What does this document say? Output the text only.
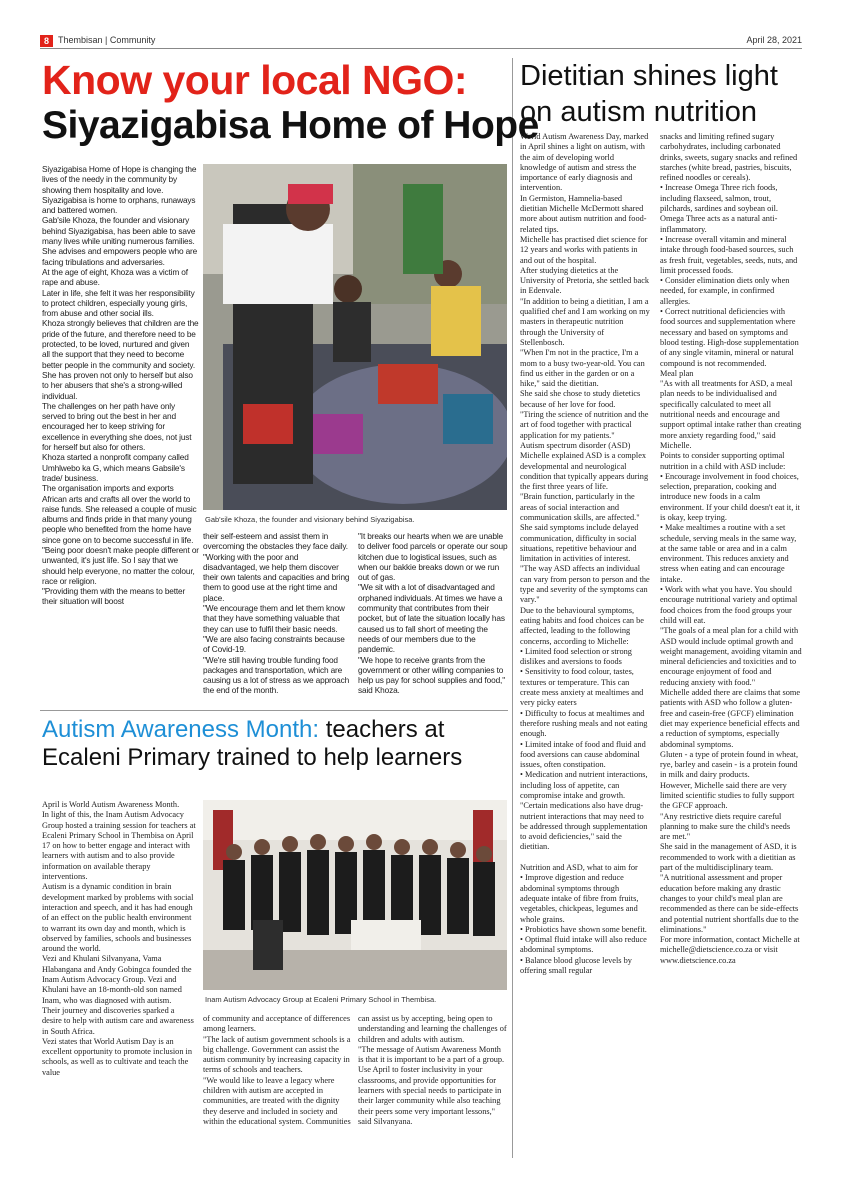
8	Thembisan | Community	April 28, 2021
Know your local NGO:
Siyazigabisa Home of Hope
Siyazigabisa Home of Hope is changing the lives of the needy in the community by showing them hospitality and love.
Siyazigabisa is home to orphans, runaways and battered women.
Gab'sile Khoza, the founder and visionary behind Siyazigabisa, has been able to save many lives while uniting numerous families.
She advises and empowers people who are facing tribulations and adversaries.
At the age of eight, Khoza was a victim of rape and abuse.
Later in life, she felt it was her responsibility to protect children, especially young girls, from abuse and other social ills.
Khoza strongly believes that children are the pride of the future, and therefore need to be protected, to be loved, nurtured and given all the support that they need to become better people in the community and society.
She has proven not only to herself but also to her abusers that she's a strong-willed individual.
The challenges on her path have only served to bring out the best in her and encouraged her to keep striving for excellence in everything she does, not just for herself but also for others.
Khoza started a nonprofit company called Umhlwebo ka G, which means Gabsile's trade/ business.
The organisation imports and exports African arts and crafts all over the world to raise funds. She released a couple of music albums and finds pride in that many young people who benefited from the home have since gone on to become successful in life.
"Being poor doesn't make people different or unwanted, it's just life. So I say that we should help everyone, no matter the colour, race or religion.
"Providing them with the means to better their situation will boost
Gab'sile Khoza, the founder and visionary behind Siyazigabisa.
their self-esteem and assist them in overcoming the obstacles they face daily.
"Working with the poor and disadvantaged, we help them discover their own talents and capacities and bring them to good use at the right time and place.
"We encourage them and let them know that they have something valuable that they can use to fulfil their basic needs.
"We are also facing constraints because of Covid-19.
"We're still having trouble funding food packages and transportation, which are causing us a lot of stress as we approach the end of the month.
"It breaks our hearts when we are unable to deliver food parcels or operate our soup kitchen due to logistical issues, such as when our bakkie breaks down or we run out of gas.
"We sit with a lot of disadvantaged and orphaned individuals. At times we have a community that contributes from their pocket, but of late the situation locally has caused us to fall short of meeting the needs of our members due to the pandemic.
"We hope to receive grants from the government or other willing companies to help us pay for school supplies and food," said Khoza.
Autism Awareness Month: teachers at
Ecaleni Primary trained to help learners
April is World Autism Awareness Month.
In light of this, the Inam Autism Advocacy Group hosted a training session for teachers at Ecaleni Primary School in Thembisa on April 17 on how to better engage and interact with learners with autism and to also provide information on available therapy interventions.
Autism is a dynamic condition in brain development marked by problems with social interaction and speech, and it has had enough of an effect on the public health environment to warrant its own day and month, which is observed by families, schools and businesses around the world.
Vezi and Khulani Silvanyana, Vama Hlabangana and Andy Gobingca founded the Inam Autism Advocacy Group. Vezi and Khulani have an 18-month-old son named Inam, who was diagnosed with autism.
Their journey and discoveries sparked a desire to help with autism care and awareness in South Africa.
Vezi states that World Autism Day is an excellent opportunity to promote inclusion in schools, as well as to cultivate and teach the value
Inam Autism Advocacy Group at Ecaleni Primary School in Thembisa.
of community and acceptance of differences among learners.
"The lack of autism government schools is a big challenge. Government can assist the autism community by increasing capacity in terms of schools and teachers.
"We would like to leave a legacy where children with autism are accepted in communities, are treated with the dignity they deserve and included in society and within the educational system. Communities
can assist us by accepting, being open to understanding and learning the challenges of children and adults with autism.
"The message of Autism Awareness Month is that it is important to be a part of a group. Use April to foster inclusivity in your classrooms, and provide opportunities for learners with special needs to participate in their larger community while also teaching their peers some very important lessons," said Silvanyana.
Dietitian shines light
on autism nutrition
World Autism Awareness Day, marked in April shines a light on autism, with the aim of developing world knowledge of autism and stress the importance of early diagnosis and intervention.
In Germiston, Hamnelia-based dietitian Michelle McDermott shared more about autism nutrition and food-related tips.
Michelle has practised diet science for 12 years and works with patients in and out of the hospital.
After studying dietetics at the University of Pretoria, she settled back in Edenvale.
"In addition to being a dietitian, I am a qualified chef and I am working on my masters in therapeutic nutrition through the University of Stellenbosch.
"When I'm not in the practice, I'm a mom to a busy two-year-old. You can find us either in the garden or on a hike," said the dietitian.
She said she chose to study dietetics because of her love for food.
"Tiring the science of nutrition and the art of food together with practical application for my patients."
Autism spectrum disorder (ASD)
Michelle explained ASD is a complex developmental and neurological condition that typically appears during the first three years of life.
"Brain function, particularly in the areas of social interaction and communication skills, are affected."
She said symptoms include delayed communication, difficulty in social situations, repetitive behaviour and limitation in activities of interest.
"The way ASD affects an individual can vary from person to person and the type and severity of the symptoms can vary."
Due to the behavioural symptoms, eating habits and food choices can be affected, leading to the following concerns, according to Michelle:
• Limited food selection or strong dislikes and aversions to foods
• Sensitivity to food colour, tastes, textures or temperature. This can create mess anxiety at mealtimes and very picky eaters
• Difficulty to focus at mealtimes and therefore rushing meals and not eating enough.
• Limited intake of food and fluid and food aversions can cause abdominal issues, often constipation.
• Medication and nutrient interactions, including loss of appetite, can compromise intake and growth.
"Certain medications also have drug-nutrient interactions that may need to be addressed through supplementation to avoid deficiencies," said the dietitian.

Nutrition and ASD, what to aim for
• Improve digestion and reduce abdominal symptoms through adequate intake of fibre from fruits, vegetables, chickpeas, legumes and whole grains.
• Probiotics have shown some benefit.
• Optimal fluid intake will also reduce abdominal symptoms.
• Balance blood glucose levels by offering small regular
snacks and limiting refined sugary carbohydrates, including carbonated drinks, sweets, sugary snacks and refined starches (white bread, pastries, biscuits, refined noodles or cereals).
• Increase Omega Three rich foods, including flaxseed, salmon, trout, pilchards, sardines and soybean oil. Omega Three acts as a natural anti-inflammatory.
• Increase overall vitamin and mineral intake through food-based sources, such as fresh fruit, vegetables, seeds, nuts, and limit processed foods.
• Consider elimination diets only when needed, for example, in confirmed allergies.
• Correct nutritional deficiencies with food sources and supplementation where necessary and based on symptoms and blood testing. High-dose supplementation of any single vitamin, mineral or natural compound is not recommended.
Meal plan
"As with all treatments for ASD, a meal plan needs to be individualised and specifically calculated to meet all nutritional needs and encourage and support optimal intake rather than creating more anxiety regarding food," said Michelle.
Points to consider supporting optimal nutrition in a child with ASD include:
• Encourage involvement in food choices, selection, preparation, cooking and introduce new foods in a calm environment. If your child doesn't eat it, it is okay, keep trying.
• Make mealtimes a routine with a set schedule, serving meals in the same way, at the same table or area and in a calm environment. This reduces anxiety and stress when eating and can encourage intake.
• Work with what you have. You should encourage nutritional variety and optimal food choices from the food groups your child will eat.
"The goals of a meal plan for a child with ASD would include optimal growth and weight management, avoiding vitamin and mineral deficiencies and toxicities and to encourage enjoyment of food and reducing anxiety with food."
Michelle added there are claims that some patients with ASD who follow a gluten-free and casein-free (GFCF) elimination diet may experience beneficial effects and a reduction of symptoms, especially abdominal symptoms.
Gluten - a type of protein found in wheat, rye, barley and casein - is a protein found in milk and dairy products.
However, Michelle said there are very limited scientific studies to fully support the GFCF approach.
"Any restrictive diets require careful planning to make sure the child's needs are met."
She said in the management of ASD, it is recommended to work with a dietitian as part of the multidisciplinary team.
"A nutritional assessment and proper education before making any drastic changes to your child's meal plan are recommended as there can be side-effects and potential nutrient shortfalls due to the eliminations."
For more information, contact Michelle at michelle@dietscience.co.za or visit www.dietscience.co.za
